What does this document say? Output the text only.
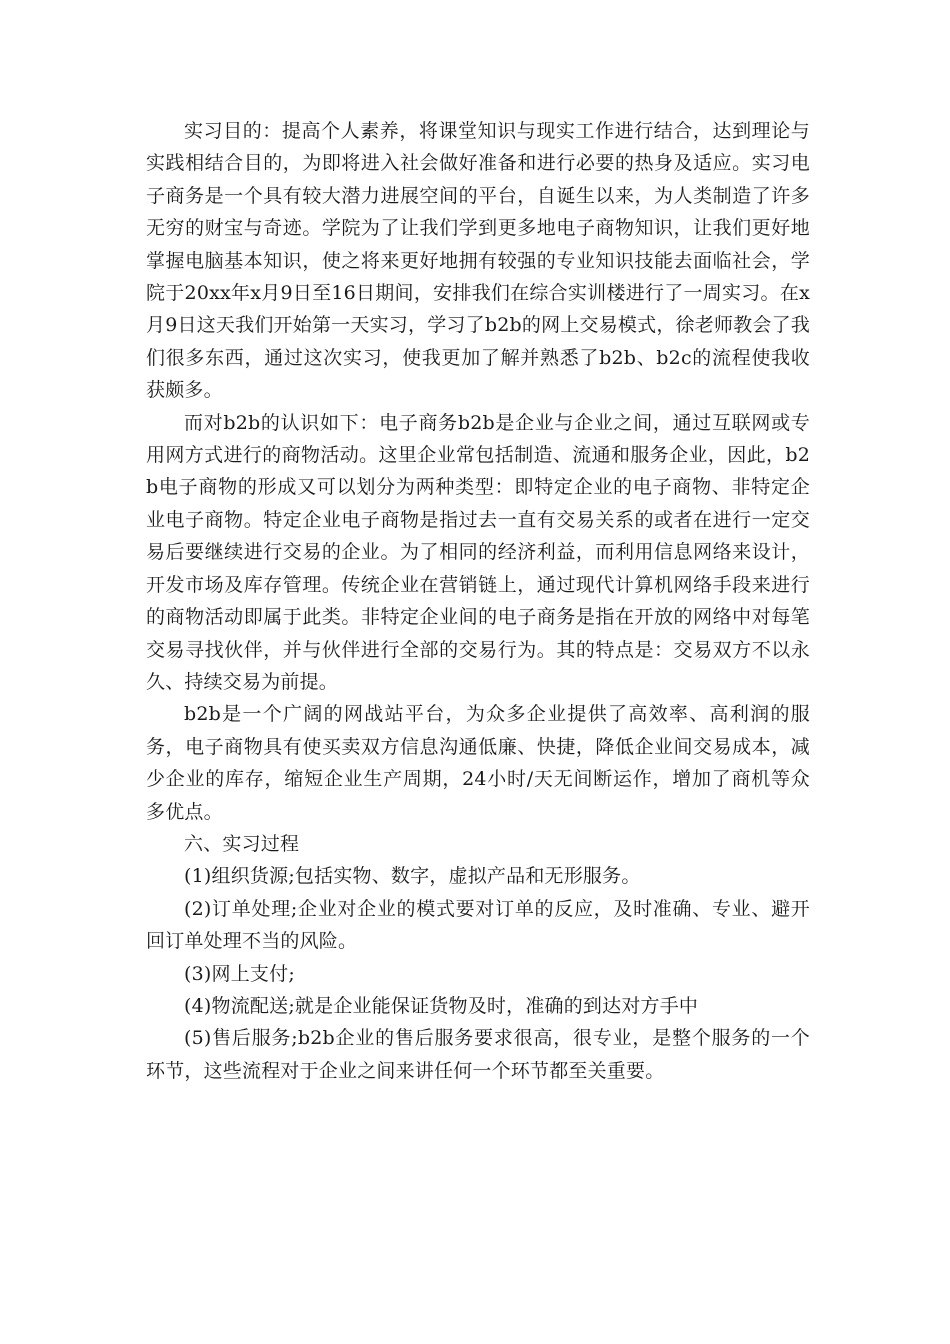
实习目的：提高个人素养，将课堂知识与现实工作进行结合，达到理论与实践相结合目的，为即将进入社会做好准备和进行必要的热身及适应。实习电子商务是一个具有较大潜力进展空间的平台，自诞生以来，为人类制造了许多无穷的财宝与奇迹。学院为了让我们学到更多地电子商物知识，让我们更好地掌握电脑基本知识，使之将来更好地拥有较强的专业知识技能去面临社会，学院于20xx年x月9日至16日期间，安排我们在综合实训楼进行了一周实习。在x月9日这天我们开始第一天实习，学习了b2b的网上交易模式，徐老师教会了我们很多东西，通过这次实习，使我更加了解并熟悉了b2b、b2c的流程使我收获颇多。

而对b2b的认识如下：电子商务b2b是企业与企业之间，通过互联网或专用网方式进行的商物活动。这里企业常包括制造、流通和服务企业，因此，b2b电子商物的形成又可以划分为两种类型：即特定企业的电子商物、非特定企业电子商物。特定企业电子商物是指过去一直有交易关系的或者在进行一定交易后要继续进行交易的企业。为了相同的经济利益，而利用信息网络来设计，开发市场及库存管理。传统企业在营销链上，通过现代计算机网络手段来进行的商物活动即属于此类。非特定企业间的电子商务是指在开放的网络中对每笔交易寻找伙伴，并与伙伴进行全部的交易行为。其的特点是：交易双方不以永久、持续交易为前提。

b2b是一个广阔的网战站平台，为众多企业提供了高效率、高利润的服务，电子商物具有使买卖双方信息沟通低廉、快捷，降低企业间交易成本，减少企业的库存，缩短企业生产周期，24小时/天无间断运作，增加了商机等众多优点。

六、实习过程

(1)组织货源;包括实物、数字，虚拟产品和无形服务。

(2)订单处理;企业对企业的模式要对订单的反应，及时准确、专业、避开回订单处理不当的风险。

(3)网上支付;

(4)物流配送;就是企业能保证货物及时，准确的到达对方手中

(5)售后服务;b2b企业的售后服务要求很高，很专业，是整个服务的一个环节，这些流程对于企业之间来讲任何一个环节都至关重要。
